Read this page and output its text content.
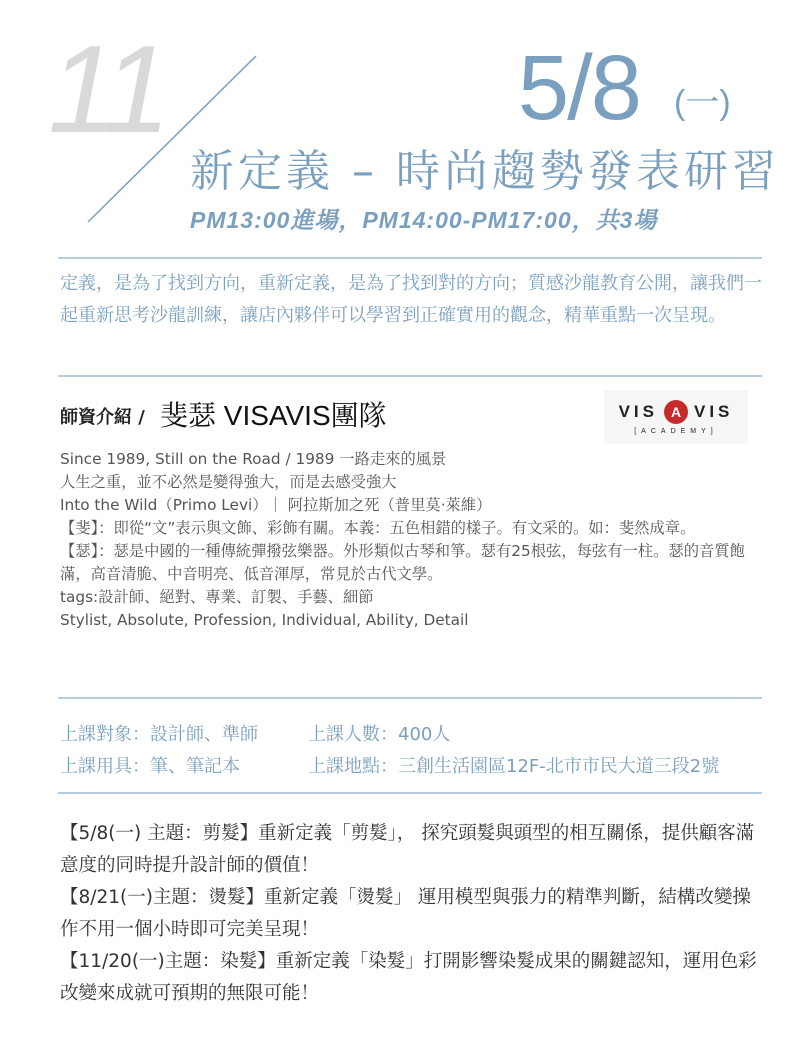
11	5/8 (一)
新定義 – 時尚趨勢發表研習
PM13:00進場，PM14:00-PM17:00，共3場
定義，是為了找到方向，重新定義，是為了找到對的方向；質感沙龍教育公開，讓我們一起重新思考沙龍訓練，讓店內夥伴可以學習到正確實用的觀念，精華重點一次呈現。
師資介紹 / 斐瑟 VISAVIS團隊	VIS A VIS
[ACADEMY]
Since 1989, Still on the Road / 1989 一路走來的風景
人生之重，並不必然是變得強大，而是去感受強大
Into the Wild（Primo Levi）｜ 阿拉斯加之死（普里莫·萊維）
【斐】：即從“文”表示與文飾、彩飾有關。本義：五色相錯的樣子。有文采的。如：斐然成章。
【瑟】：瑟是中國的一種傳統彈撥弦樂器。外形類似古琴和箏。瑟有25根弦，每弦有一柱。瑟的音質飽滿，高音清脆、中音明亮、低音渾厚，常見於古代文學。
tags:設計師、絕對、專業、訂製、手藝、細節
Stylist, Absolute, Profession, Individual, Ability, Detail
上課對象：設計師、準師	上課人數：400人
上課用具：筆、筆記本	上課地點：三創生活園區12F-北市市民大道三段2號
【5/8(一) 主題：剪髮】重新定義「剪髮」， 探究頭髮與頭型的相互關係，提供顧客滿意度的同時提升設計師的價值！
【8/21(一)主題：燙髮】重新定義「燙髮」 運用模型與張力的精準判斷，結構改變操作不用一個小時即可完美呈現！
【11/20(一)主題：染髮】重新定義「染髮」打開影響染髮成果的關鍵認知，運用色彩改變來成就可預期的無限可能！
